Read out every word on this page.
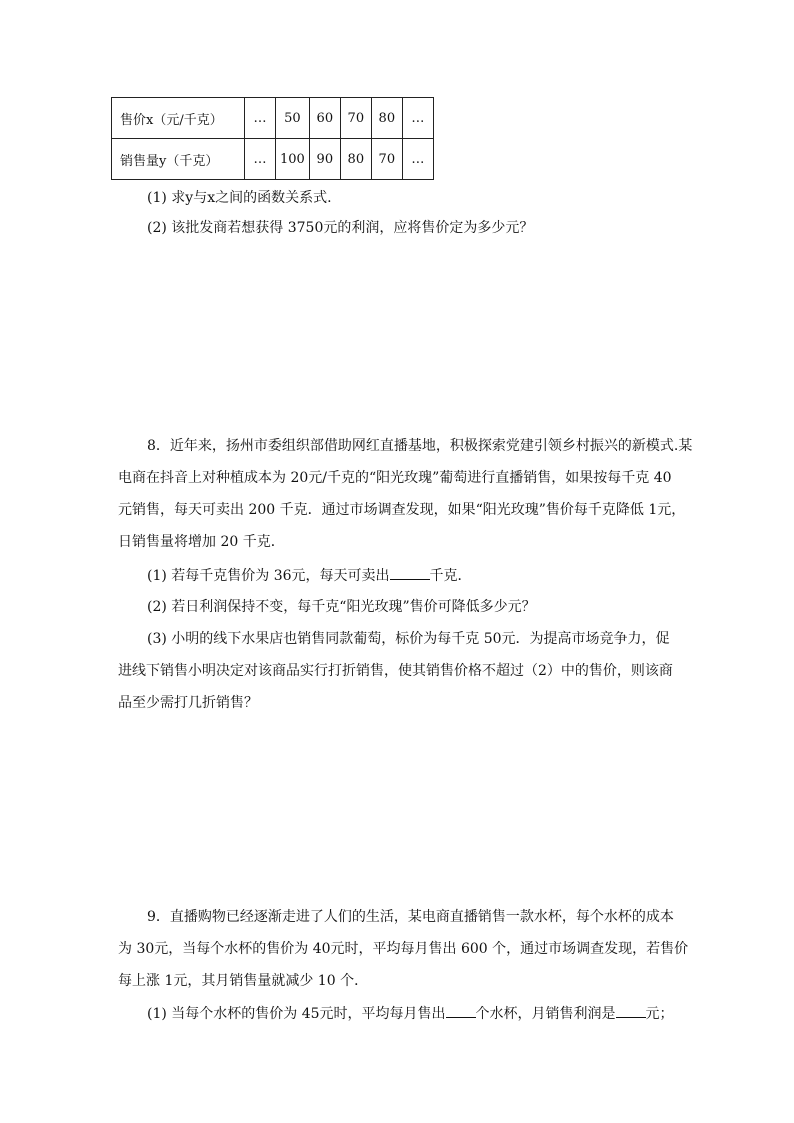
售价x（元/千克）	…	50	60	70	80	…
销售量y（千克）	…	100	90	80	70	…
(1) 求y与x之间的函数关系式.
(2) 该批发商若想获得 3750元的利润，应将售价定为多少元？
8．近年来，扬州市委组织部借助网红直播基地，积极探索党建引领乡村振兴的新模式.某
电商在抖音上对种植成本为 20元/千克的“阳光玫瑰”葡萄进行直播销售，如果按每千克 40
元销售，每天可卖出 200 千克．通过市场调查发现，如果“阳光玫瑰”售价每千克降低 1元，
日销售量将增加 20 千克．
(1) 若每千克售价为 36元，每天可卖出	千克．
(2) 若日利润保持不变，每千克“阳光玫瑰”售价可降低多少元？
(3) 小明的线下水果店也销售同款葡萄，标价为每千克 50元．为提高市场竞争力，促
进线下销售小明决定对该商品实行打折销售，使其销售价格不超过（2）中的售价，则该商
品至少需打几折销售？
9．直播购物已经逐渐走进了人们的生活，某电商直播销售一款水杯，每个水杯的成本
为 30元，当每个水杯的售价为 40元时，平均每月售出 600 个，通过市场调查发现，若售价
每上涨 1元，其月销售量就减少 10 个．
(1) 当每个水杯的售价为 45元时，平均每月售出 个水杯，月销售利润是 元；
